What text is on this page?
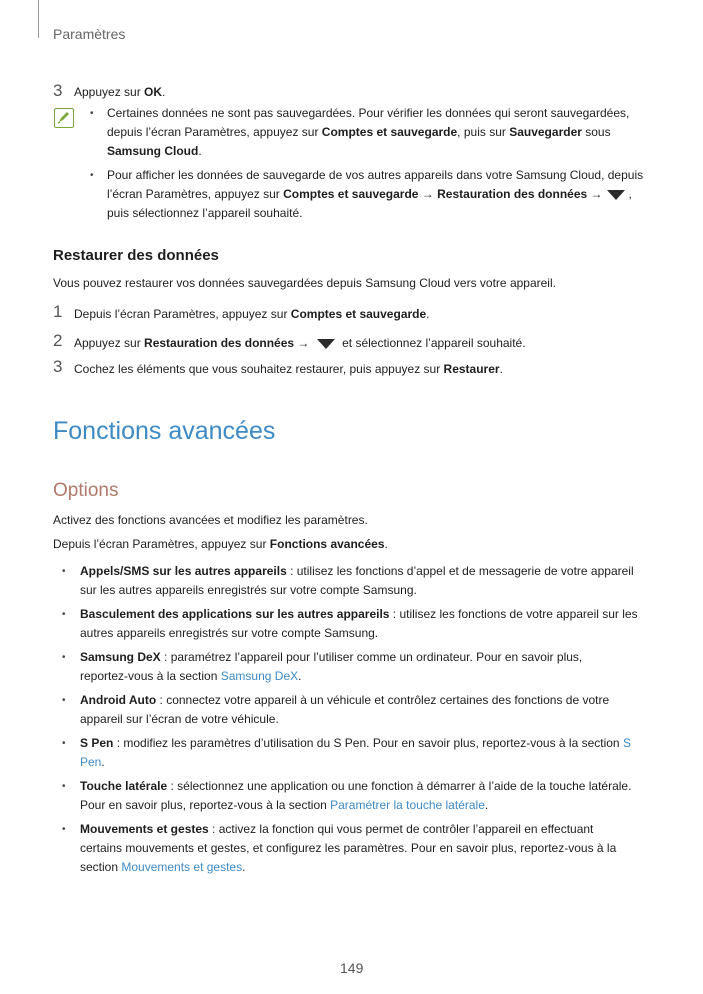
Paramètres
3 Appuyez sur OK.
• Certaines données ne sont pas sauvegardées. Pour vérifier les données qui seront sauvegardées,
depuis l’écran Paramètres, appuyez sur Comptes et sauvegarde, puis sur Sauvegarder sous
Samsung Cloud.
• Pour afficher les données de sauvegarde de vos autres appareils dans votre Samsung Cloud, depuis
l’écran Paramètres, appuyez sur Comptes et sauvegarde → Restauration des données → ,
puis sélectionnez l’appareil souhaité.
Restaurer des données
Vous pouvez restaurer vos données sauvegardées depuis Samsung Cloud vers votre appareil.
1 Depuis l’écran Paramètres, appuyez sur Comptes et sauvegarde.
2 Appuyez sur Restauration des données →  et sélectionnez l’appareil souhaité.
3 Cochez les éléments que vous souhaitez restaurer, puis appuyez sur Restaurer.
Fonctions avancées
Options
Activez des fonctions avancées et modifiez les paramètres.
Depuis l’écran Paramètres, appuyez sur Fonctions avancées.
• Appels/SMS sur les autres appareils : utilisez les fonctions d’appel et de messagerie de votre appareil
sur les autres appareils enregistrés sur votre compte Samsung.
• Basculement des applications sur les autres appareils : utilisez les fonctions de votre appareil sur les
autres appareils enregistrés sur votre compte Samsung.
• Samsung DeX : paramétrez l’appareil pour l’utiliser comme un ordinateur. Pour en savoir plus,
reportez-vous à la section Samsung DeX.
• Android Auto : connectez votre appareil à un véhicule et contrôlez certaines des fonctions de votre
appareil sur l’écran de votre véhicule.
• S Pen : modifiez les paramètres d’utilisation du S Pen. Pour en savoir plus, reportez-vous à la section S
Pen.
• Touche latérale : sélectionnez une application ou une fonction à démarrer à l’aide de la touche latérale.
Pour en savoir plus, reportez-vous à la section Paramétrer la touche latérale.
• Mouvements et gestes : activez la fonction qui vous permet de contrôler l’appareil en effectuant
certains mouvements et gestes, et configurez les paramètres. Pour en savoir plus, reportez-vous à la
section Mouvements et gestes.
149
